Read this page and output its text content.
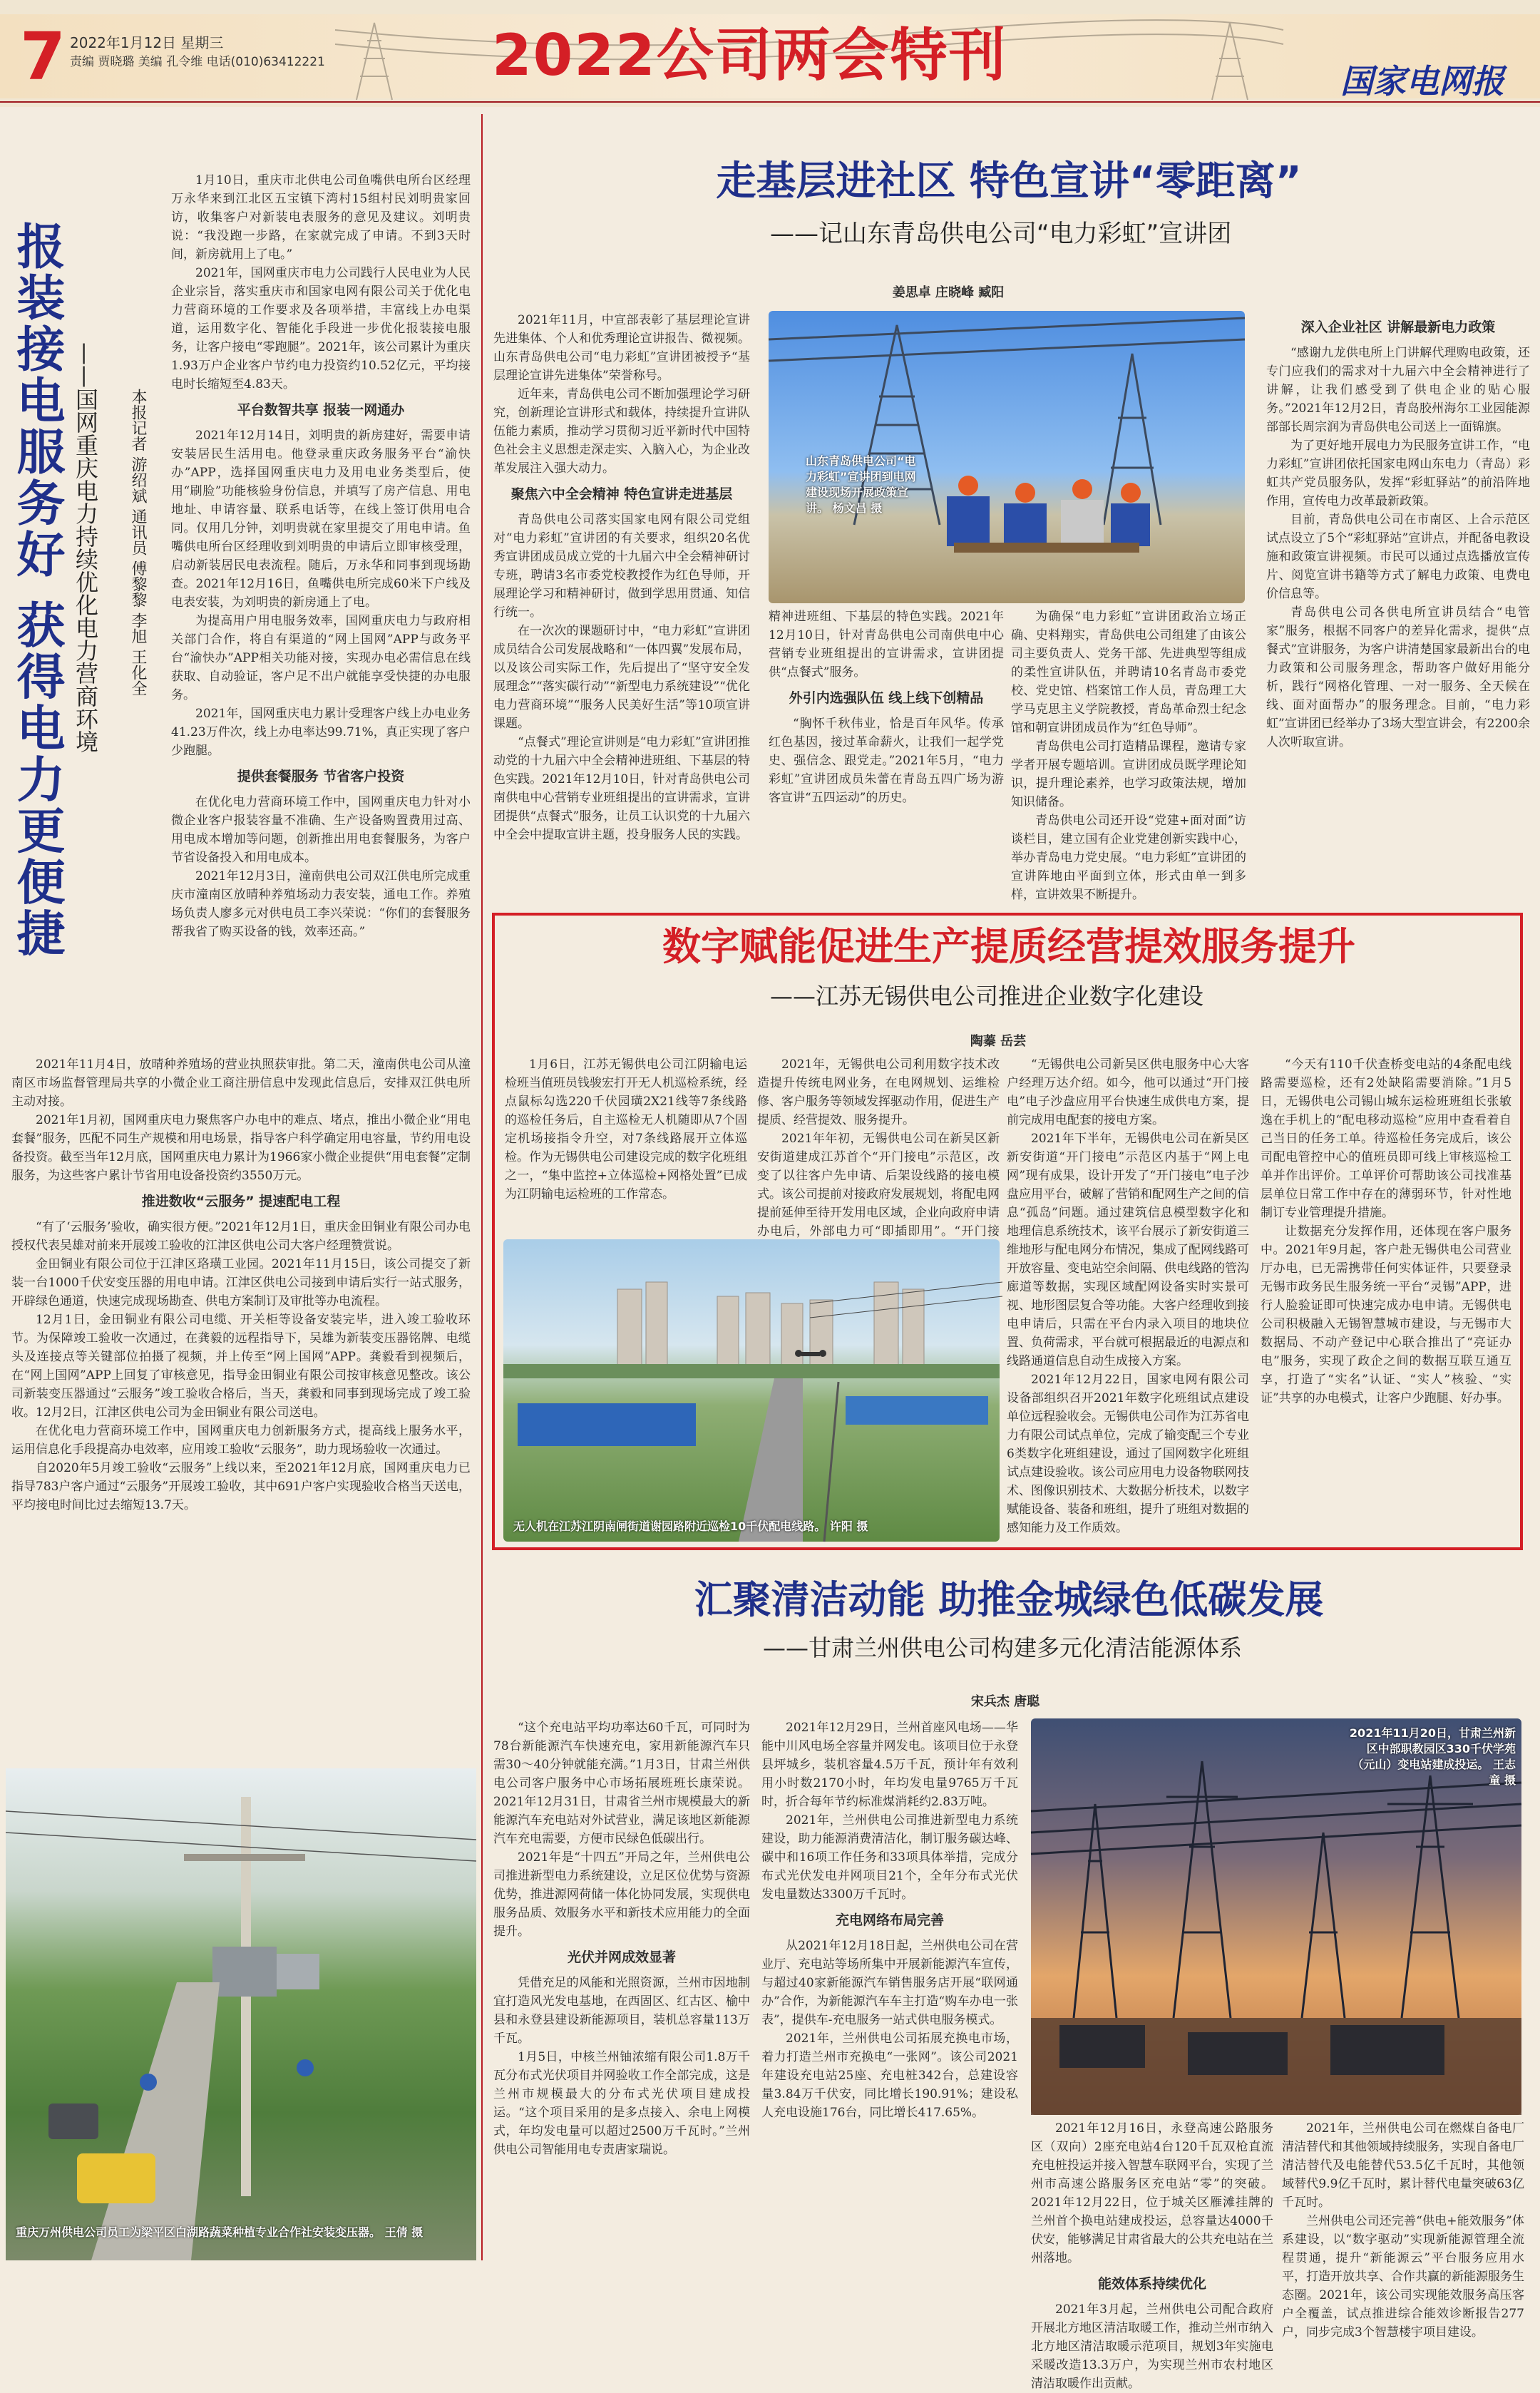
7 2022年1月12日 星期三
责编 贾晓璐 美编 孔令维 电话(010)63412221	2022公司两会特刊	国家电网报
报装接电服务好 获得电力更便捷 ——国网重庆电力持续优化电力营商环境 本报记者 游绍斌 通讯员 傅黎黎 李旭 王化全

1月10日，重庆市北供电公司鱼嘴供电所台区经理万永华来到江北区五宝镇下湾村15组村民刘明贵家回访，收集客户对新装电表服务的意见及建议。刘明贵说：“我没跑一步路，在家就完成了申请。不到3天时间，新房就用上了电。”

2021年，国网重庆市电力公司践行人民电业为人民企业宗旨，落实重庆市和国家电网有限公司关于优化电力营商环境的工作要求及各项举措，丰富线上办电渠道，运用数字化、智能化手段进一步优化报装接电服务，让客户接电“零跑腿”。2021年，该公司累计为重庆1.93万户企业客户节约电力投资约10.52亿元，平均接电时长缩短至4.83天。

平台数智共享 报装一网通办

2021年12月14日，刘明贵的新房建好，需要申请安装居民生活用电。他登录重庆政务服务平台“渝快办”APP，选择国网重庆电力及用电业务类型后，使用“刷脸”功能核验身份信息，并填写了房产信息、用电地址、申请容量、联系电话等，在线上签订供用电合同。仅用几分钟，刘明贵就在家里提交了用电申请。鱼嘴供电所台区经理收到刘明贵的申请后立即审核受理，启动新装居民电表流程。随后，万永华和同事到现场勘查。2021年12月16日，鱼嘴供电所完成60米下户线及电表安装，为刘明贵的新房通上了电。

为提高用户用电服务效率，国网重庆电力与政府相关部门合作，将自有渠道的“网上国网”APP与政务平台“渝快办”APP相关功能对接，实现办电必需信息在线获取、自动验证，客户足不出户就能享受快捷的办电服务。

2021年，国网重庆电力累计受理客户线上办电业务41.23万件次，线上办电率达99.71%，真正实现了客户少跑腿。

提供套餐服务 节省客户投资

在优化电力营商环境工作中，国网重庆电力针对小微企业客户报装容量不准确、生产设备购置费用过高、用电成本增加等问题，创新推出用电套餐服务，为客户节省设备投入和用电成本。

2021年12月3日，潼南供电公司双江供电所完成重庆市潼南区放晴种养殖场动力表安装，通电工作。养殖场负责人廖多元对供电员工李兴荣说：“你们的套餐服务帮我省了购买设备的钱，效率还高。”

2021年11月4日，放晴种养殖场的营业执照获审批。第二天，潼南供电公司从潼南区市场监督管理局共享的小微企业工商注册信息中发现此信息后，安排双江供电所主动对接。

2021年1月初，国网重庆电力聚焦客户办电中的难点、堵点，推出小微企业“用电套餐”服务，匹配不同生产规模和用电场景，指导客户科学确定用电容量，节约用电设备投资。截至当年12月底，国网重庆电力累计为1966家小微企业提供“用电套餐”定制服务，为这些客户累计节省用电设备投资约3550万元。

推进数收“云服务” 提速配电工程

“有了‘云服务’验收，确实很方便。”2021年12月1日，重庆金田铜业有限公司办电授权代表吴雄对前来开展竣工验收的江津区供电公司大客户经理赞赏说。

金田铜业有限公司位于江津区珞璜工业园。2021年11月15日，该公司提交了新装一台1000千伏安变压器的用电申请。江津区供电公司接到申请后实行一站式服务，开辟绿色通道，快速完成现场勘查、供电方案制订及审批等办电流程。

12月1日，金田铜业有限公司电缆、开关柜等设备安装完毕，进入竣工验收环节。为保障竣工验收一次通过，在龚毅的远程指导下，吴雄为新装变压器铭牌、电缆头及连接点等关键部位拍摄了视频，并上传至“网上国网”APP。龚毅看到视频后，在“网上国网”APP上回复了审核意见，指导金田铜业有限公司按审核意见整改。该公司新装变压器通过“云服务”竣工验收合格后，当天，龚毅和同事到现场完成了竣工验收。12月2日，江津区供电公司为金田铜业有限公司送电。

在优化电力营商环境工作中，国网重庆电力创新服务方式，提高线上服务水平，运用信息化手段提高办电效率，应用竣工验收“云服务”，助力现场验收一次通过。

自2020年5月竣工验收“云服务”上线以来，至2021年12月底，国网重庆电力已指导783户客户通过“云服务”开展竣工验收，其中691户客户实现验收合格当天送电，平均接电时间比过去缩短13.7天。

重庆万州供电公司员工为梁平区白湖路蔬菜种植专业合作社安装变压器。 王倩 摄
走基层进社区 特色宣讲“零距离”
——记山东青岛供电公司“电力彩虹”宣讲团
姜思卓 庄晓峰 臧阳

2021年11月，中宣部表彰了基层理论宣讲先进集体、个人和优秀理论宣讲报告、微视频。山东青岛供电公司“电力彩虹”宣讲团被授予“基层理论宣讲先进集体”荣誉称号。

近年来，青岛供电公司不断加强理论学习研究，创新理论宣讲形式和载体，持续提升宣讲队伍能力素质，推动学习贯彻习近平新时代中国特色社会主义思想走深走实、入脑入心，为企业改革发展注入强大动力。

聚焦六中全会精神 特色宣讲走进基层

青岛供电公司落实国家电网有限公司党组对“电力彩虹”宣讲团的有关要求，组织20名优秀宣讲团成员成立党的十九届六中全会精神研讨专班，聘请3名市委党校教授作为红色导师，开展理论学习和精神研讨，做到学思用贯通、知信行统一。

在一次次的课题研讨中，“电力彩虹”宣讲团成员结合公司发展战略和“一体四翼”发展布局，以及该公司实际工作，先后提出了“坚守安全发展理念”“落实碳行动”“新型电力系统建设”“优化电力营商环境”“服务人民美好生活”等10项宣讲课题。

“点餐式”理论宣讲则是“电力彩虹”宣讲团推动党的十九届六中全会精神进班组、下基层的特色实践。2021年12月10日，针对青岛供电公司南供电中心营销专业班组提出的宣讲需求，宣讲团提供“点餐式”服务，让员工认识党的十九届六中全会中提取宣讲主题，投身服务人民的实践。

山东青岛供电公司“电力彩虹”宣讲团到电网建设现场开展政策宣讲。 杨文昌 摄

精神进班组、下基层的特色实践。2021年12月10日，针对青岛供电公司南供电中心营销专业班组提出的宣讲需求，宣讲团提供“点餐式”服务。

外引内选强队伍 线上线下创精品

“胸怀千秋伟业，恰是百年风华。传承红色基因，接过革命薪火，让我们一起学党史、强信念、跟党走。”2021年5月，“电力彩虹”宣讲团成员朱蕾在青岛五四广场为游客宣讲“五四运动”的历史。

为确保“电力彩虹”宣讲团政治立场正确、史料翔实，青岛供电公司组建了由该公司主要负责人、党务干部、先进典型等组成的柔性宣讲队伍，并聘请10名青岛市委党校、党史馆、档案馆工作人员，青岛理工大学马克思主义学院教授，青岛革命烈士纪念馆和朝宣讲团成员作为“红色导师”。

青岛供电公司打造精品课程，邀请专家学者开展专题培训。宣讲团成员既学理论知识，提升理论素养，也学习政策法规，增加知识储备。

青岛供电公司还开设“党建+面对面”访谈栏目，建立国有企业党建创新实践中心，举办青岛电力党史展。“电力彩虹”宣讲团的宣讲阵地由平面到立体，形式由单一到多样，宣讲效果不断提升。

深入企业社区 讲解最新电力政策

“感谢九龙供电所上门讲解代理购电政策，还专门应我们的需求对十九届六中全会精神进行了讲解，让我们感受到了供电企业的贴心服务。”2021年12月2日，青岛胶州海尔工业园能源部部长周宗润为青岛供电公司送上一面锦旗。

为了更好地开展电力为民服务宣讲工作，“电力彩虹”宣讲团依托国家电网山东电力（青岛）彩虹共产党员服务队，发挥“彩虹驿站”的前沿阵地作用，宣传电力改革最新政策。

目前，青岛供电公司在市南区、上合示范区试点设立了5个“彩虹驿站”宣讲点，并配备电教设施和政策宣讲视频。市民可以通过点选播放宣传片、阅览宣讲书籍等方式了解电力政策、电费电价信息等。

青岛供电公司各供电所宣讲员结合“电管家”服务，根据不同客户的差异化需求，提供“点餐式”宣讲服务，为客户讲清楚国家最新出台的电力政策和公司服务理念，帮助客户做好用能分析，践行“网格化管理、一对一服务、全天候在线、面对面帮办”的服务理念。目前，“电力彩虹”宣讲团已经举办了3场大型宣讲会，有2200余人次听取宣讲。

数字赋能促进生产提质经营提效服务提升
——江苏无锡供电公司推进企业数字化建设
陶蓁 岳芸

1月6日，江苏无锡供电公司江阴输电运检班当值班员钱骏宏打开无人机巡检系统，经点鼠标勾选220千伏园璜2X21线等7条线路的巡检任务后，自主巡检无人机随即从7个固定机场接指令升空，对7条线路展开立体巡检。作为无锡供电公司建设完成的数字化班组之一，“集中监控+立体巡检+网格处置”已成为江阴输电运检班的工作常态。

2021年，无锡供电公司利用数字技术改造提升传统电网业务，在电网规划、运维检修、客户服务等领域发挥驱动作用，促进生产提质、经营提效、服务提升。

2021年年初，无锡供电公司在新吴区新安街道建成江苏首个“开门接电”示范区，改变了以往客户先申请、后架设线路的接电模式。该公司提前对接政府发展规划，将配电网提前延伸至待开发用电区域，企业向政府申请办电后，外部电力可“即插即用”。“开门接

“无锡供电公司新吴区供电服务中心大客户经理万达介绍。如今，他可以通过“开门接电”电子沙盘应用平台快速生成供电方案，提前完成用电配套的接电方案。

2021年下半年，无锡供电公司在新吴区新安街道“开门接电”示范区内基于“网上电网”现有成果，设计开发了“开门接电”电子沙盘应用平台，破解了营销和配网生产之间的信息“孤岛”问题。通过建筑信息模型数字化和地理信息系统技术，该平台展示了新安街道三维地形与配电网分布情况，集成了配网线路可开放容量、变电站空余间隔、供电线路的管沟廊道等数据，实现区域配网设备实时实景可视、地形图层复合等功能。大客户经理收到接电申请后，只需在平台内录入项目的地块位置、负荷需求，平台就可根据最近的电源点和线路通道信息自动生成接入方案。

2021年12月22日，国家电网有限公司设备部组织召开2021年数字化班组试点建设单位远程验收会。无锡供电公司作为江苏省电力有限公司试点单位，完成了输变配三个专业6类数字化班组建设，通过了国网数字化班组试点建设验收。该公司应用电力设备物联网技术、图像识别技术、大数据分析技术，以数字赋能设备、装备和班组，提升了班组对数据的感知能力及工作质效。

“今天有110千伏查桥变电站的4条配电线路需要巡检，还有2处缺陷需要消除。”1月5日，无锡供电公司锡山城东运检班班组长张敏逸在手机上的“配电移动巡检”应用中查看着自己当日的任务工单。待巡检任务完成后，该公司配电管控中心的值班员即可线上审核巡检工单并作出评价。工单评价可帮助该公司找准基层单位日常工作中存在的薄弱环节，针对性地制订专业管理提升措施。

让数据充分发挥作用，还体现在客户服务中。2021年9月起，客户赴无锡供电公司营业厅办电，已无需携带任何实体证件，只要登录无锡市政务民生服务统一平台“灵锡”APP，进行人脸验证即可快速完成办电申请。无锡供电公司积极融入无锡智慧城市建设，与无锡市大数据局、不动产登记中心联合推出了“亮证办电”服务，实现了政企之间的数据互联互通互享，打造了“实名”认证、“实人”核验、“实证”共享的办电模式，让客户少跑腿、好办事。

无人机在江苏江阴南闸街道谢园路附近巡检10千伏配电线路。 许阳 摄
汇聚清洁动能 助推金城绿色低碳发展
——甘肃兰州供电公司构建多元化清洁能源体系
宋兵杰 唐聪

“这个充电站平均功率达60千瓦，可同时为78台新能源汽车快速充电，家用新能源汽车只需30～40分钟就能充满。”1月3日，甘肃兰州供电公司客户服务中心市场拓展班班长康荣说。2021年12月31日，甘肃省兰州市规模最大的新能源汽车充电站对外试营业，满足该地区新能源汽车充电需要，方便市民绿色低碳出行。

2021年是“十四五”开局之年，兰州供电公司推进新型电力系统建设，立足区位优势与资源优势，推进源网荷储一体化协同发展，实现供电服务品质、效服务水平和新技术应用能力的全面提升。

光伏并网成效显著

凭借充足的风能和光照资源，兰州市因地制宜打造风光发电基地，在西固区、红古区、榆中县和永登县建设新能源项目，装机总容量113万千瓦。

1月5日，中核兰州铀浓缩有限公司1.8万千瓦分布式光伏项目并网验收工作全部完成，这是兰州市规模最大的分布式光伏项目建成投运。“这个项目采用的是多点接入、余电上网模式，年均发电量可以超过2500万千瓦时。”兰州供电公司智能用电专责唐家瑞说。

2021年12月29日，兰州首座风电场——华能中川风电场全容量并网发电。该项目位于永登县坪城乡，装机容量4.5万千瓦，预计年有效利用小时数2170小时，年均发电量9765万千瓦时，折合每年节约标准煤消耗约2.83万吨。

2021年，兰州供电公司推进新型电力系统建设，助力能源消费清洁化，制订服务碳达峰、碳中和16项工作任务和33项具体举措，完成分布式光伏发电并网项目21个，全年分布式光伏发电量数达3300万千瓦时。

充电网络布局完善

从2021年12月18日起，兰州供电公司在营业厅、充电站等场所集中开展新能源汽车宣传，与超过40家新能源汽车销售服务店开展“联网通办”合作，为新能源汽车车主打造“购车办电一张表”，提供车-充电服务一站式供电服务模式。

2021年，兰州供电公司拓展充换电市场，着力打造兰州市充换电“一张网”。该公司2021年建设充电站25座、充电桩342台，总建设容量3.84万千伏安，同比增长190.91%；建设私人充电设施176台，同比增长417.65%。

2021年11月20日，甘肃兰州新区中部职教园区330千伏学苑（元山）变电站建成投运。 王志童 摄

2021年12月16日，永登高速公路服务区（双向）2座充电站4台120千瓦双枪直流充电桩投运并接入智慧车联网平台，实现了兰州市高速公路服务区充电站“零”的突破。2021年12月22日，位于城关区雁滩挂牌的兰州首个换电站建成投运，总容量达4000千伏安，能够满足甘肃省最大的公共充电站在兰州落地。

能效体系持续优化

2021年3月起，兰州供电公司配合政府开展北方地区清洁取暖工作，推动兰州市纳入北方地区清洁取暖示范项目，规划3年实施电采暖改造13.3万户，为实现兰州市农村地区清洁取暖作出贡献。

2021年，兰州供电公司在燃煤自备电厂清洁替代和其他领域持续服务，实现自备电厂清洁替代及电能替代53.5亿千瓦时，其他领域替代9.9亿千瓦时，累计替代电量突破63亿千瓦时。

兰州供电公司还完善“供电+能效服务”体系建设，以“数字驱动”实现新能源管理全流程贯通，提升“新能源云”平台服务应用水平，打造开放共享、合作共赢的新能源服务生态圈。2021年，该公司实现能效服务高压客户全覆盖，试点推进综合能效诊断报告277户，同步完成3个智慧楼宇项目建设。
